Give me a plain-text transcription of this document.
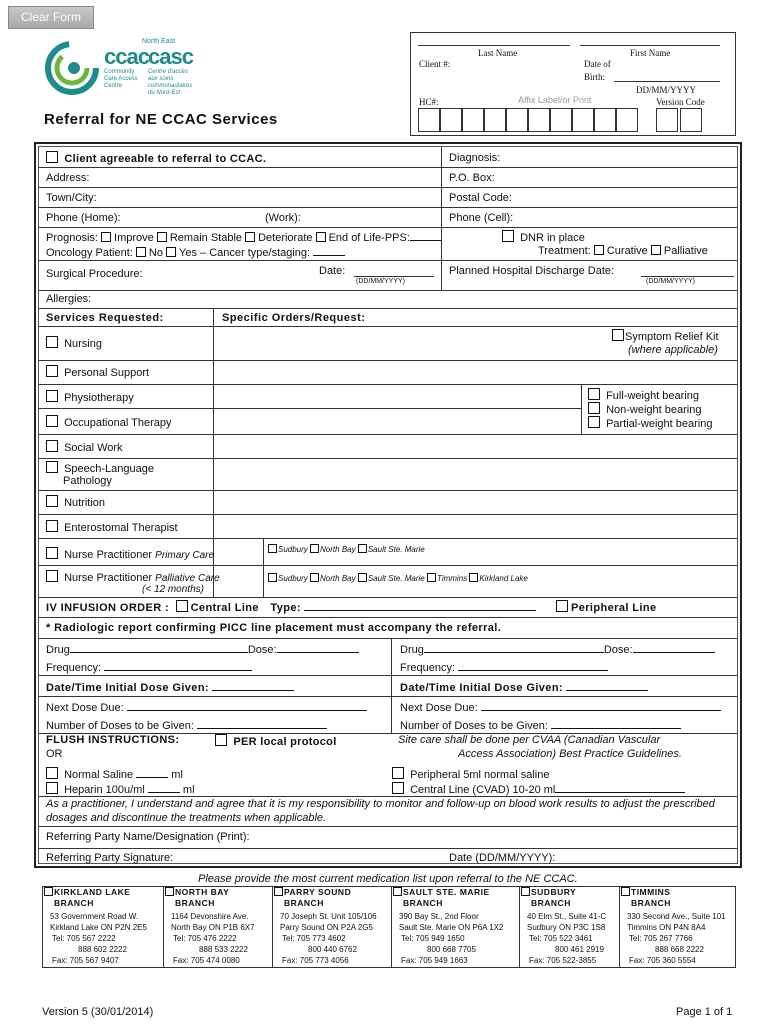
Clear Form
North East
ccac casc
Community
Care Access
Centre
Centre d'accès
aux soins
communautaires
du Nord-Est
Last Name	First Name
Client #:	Date of
Birth:
DD/MM/YYYY
Affix Label/or Print
HC#:	Version Code
Referral for NE CCAC Services
Client agreeable to referral to CCAC.	Diagnosis:
Address:	P.O. Box:
Town/City:	Postal Code:
Phone (Home):	(Work):	Phone (Cell):
Prognosis: Improve Remain Stable Deteriorate End of Life-PPS:	DNR in place
Oncology Patient: No Yes – Cancer type/staging:	Treatment: Curative Palliative
Surgical Procedure:	Date:
(DD/MM/YYYY)
Planned Hospital Discharge Date:
(DD/MM/YYYY)
Allergies:
Services Requested:	Specific Orders/Request:
Nursing
Symptom Relief Kit
(where applicable)
Personal Support
Physiotherapy
Occupational Therapy
Full-weight bearing
Non-weight bearing
Partial-weight bearing
Social Work
Speech-Language
Pathology
Nutrition
Enterostomal Therapist
Nurse Practitioner Primary Care
Sudbury North Bay Sault Ste. Marie
Nurse Practitioner Palliative Care
(< 12 months)
Sudbury North Bay Sault Ste. Marie Timmins Kirkland Lake
IV INFUSION ORDER : Central Line Type:	Peripheral Line
* Radiologic report confirming PICC line placement must accompany the referral.
Drug	Dose:
Frequency:
Date/Time Initial Dose Given:
Next Dose Due:
Number of Doses to be Given:
Drug	Dose:
Frequency:
Date/Time Initial Dose Given:
Next Dose Due:
Number of Doses to be Given:
FLUSH INSTRUCTIONS:	PER local protocol
OR
Site care shall be done per CVAA (Canadian Vascular
Access Association) Best Practice Guidelines.
Normal Saline	ml
Heparin 100u/ml	ml
Peripheral 5ml normal saline
Central Line (CVAD) 10-20 ml
As a practitioner, I understand and agree that it is my responsibility to monitor and follow-up on blood work results to adjust the prescribed dosages and discontinue the treatments when applicable.
Referring Party Name/Designation (Print):
Referring Party Signature:	Date (DD/MM/YYYY):
Please provide the most current medication list upon referral to the NE CCAC.
KIRKLAND LAKE
BRANCH
53 Government Road W.
Kirkland Lake ON P2N 2E5
Tel: 705 567 2222
888 602 2222
Fax: 705 567 9407
NORTH BAY
BRANCH
1164 Devonshire Ave.
North Bay ON P1B 6X7
Tel: 705 476 2222
888 533 2222
Fax: 705 474 0080
PARRY SOUND
BRANCH
70 Joseph St. Unit 105/106
Parry Sound ON P2A 2G5
Tel: 705 773 4602
800 440 6762
Fax: 705 773 4056
SAULT STE. MARIE
BRANCH
390 Bay St., 2nd Floor
Sault Ste. Marie ON P6A 1X2
Tel: 705 949 1650
800 668 7705
Fax: 705 949 1663
SUDBURY
BRANCH
40 Elm St., Suite 41-C
Sudbury ON P3C 1S8
Tel: 705 522 3461
800 461 2919
Fax: 705 522-3855
TIMMINS
BRANCH
330 Second Ave., Suite 101
Timmins ON P4N 8A4
Tel: 705 267 7766
888 668 2222
Fax: 705 360 5554
Version 5 (30/01/2014)	Page 1 of 1
